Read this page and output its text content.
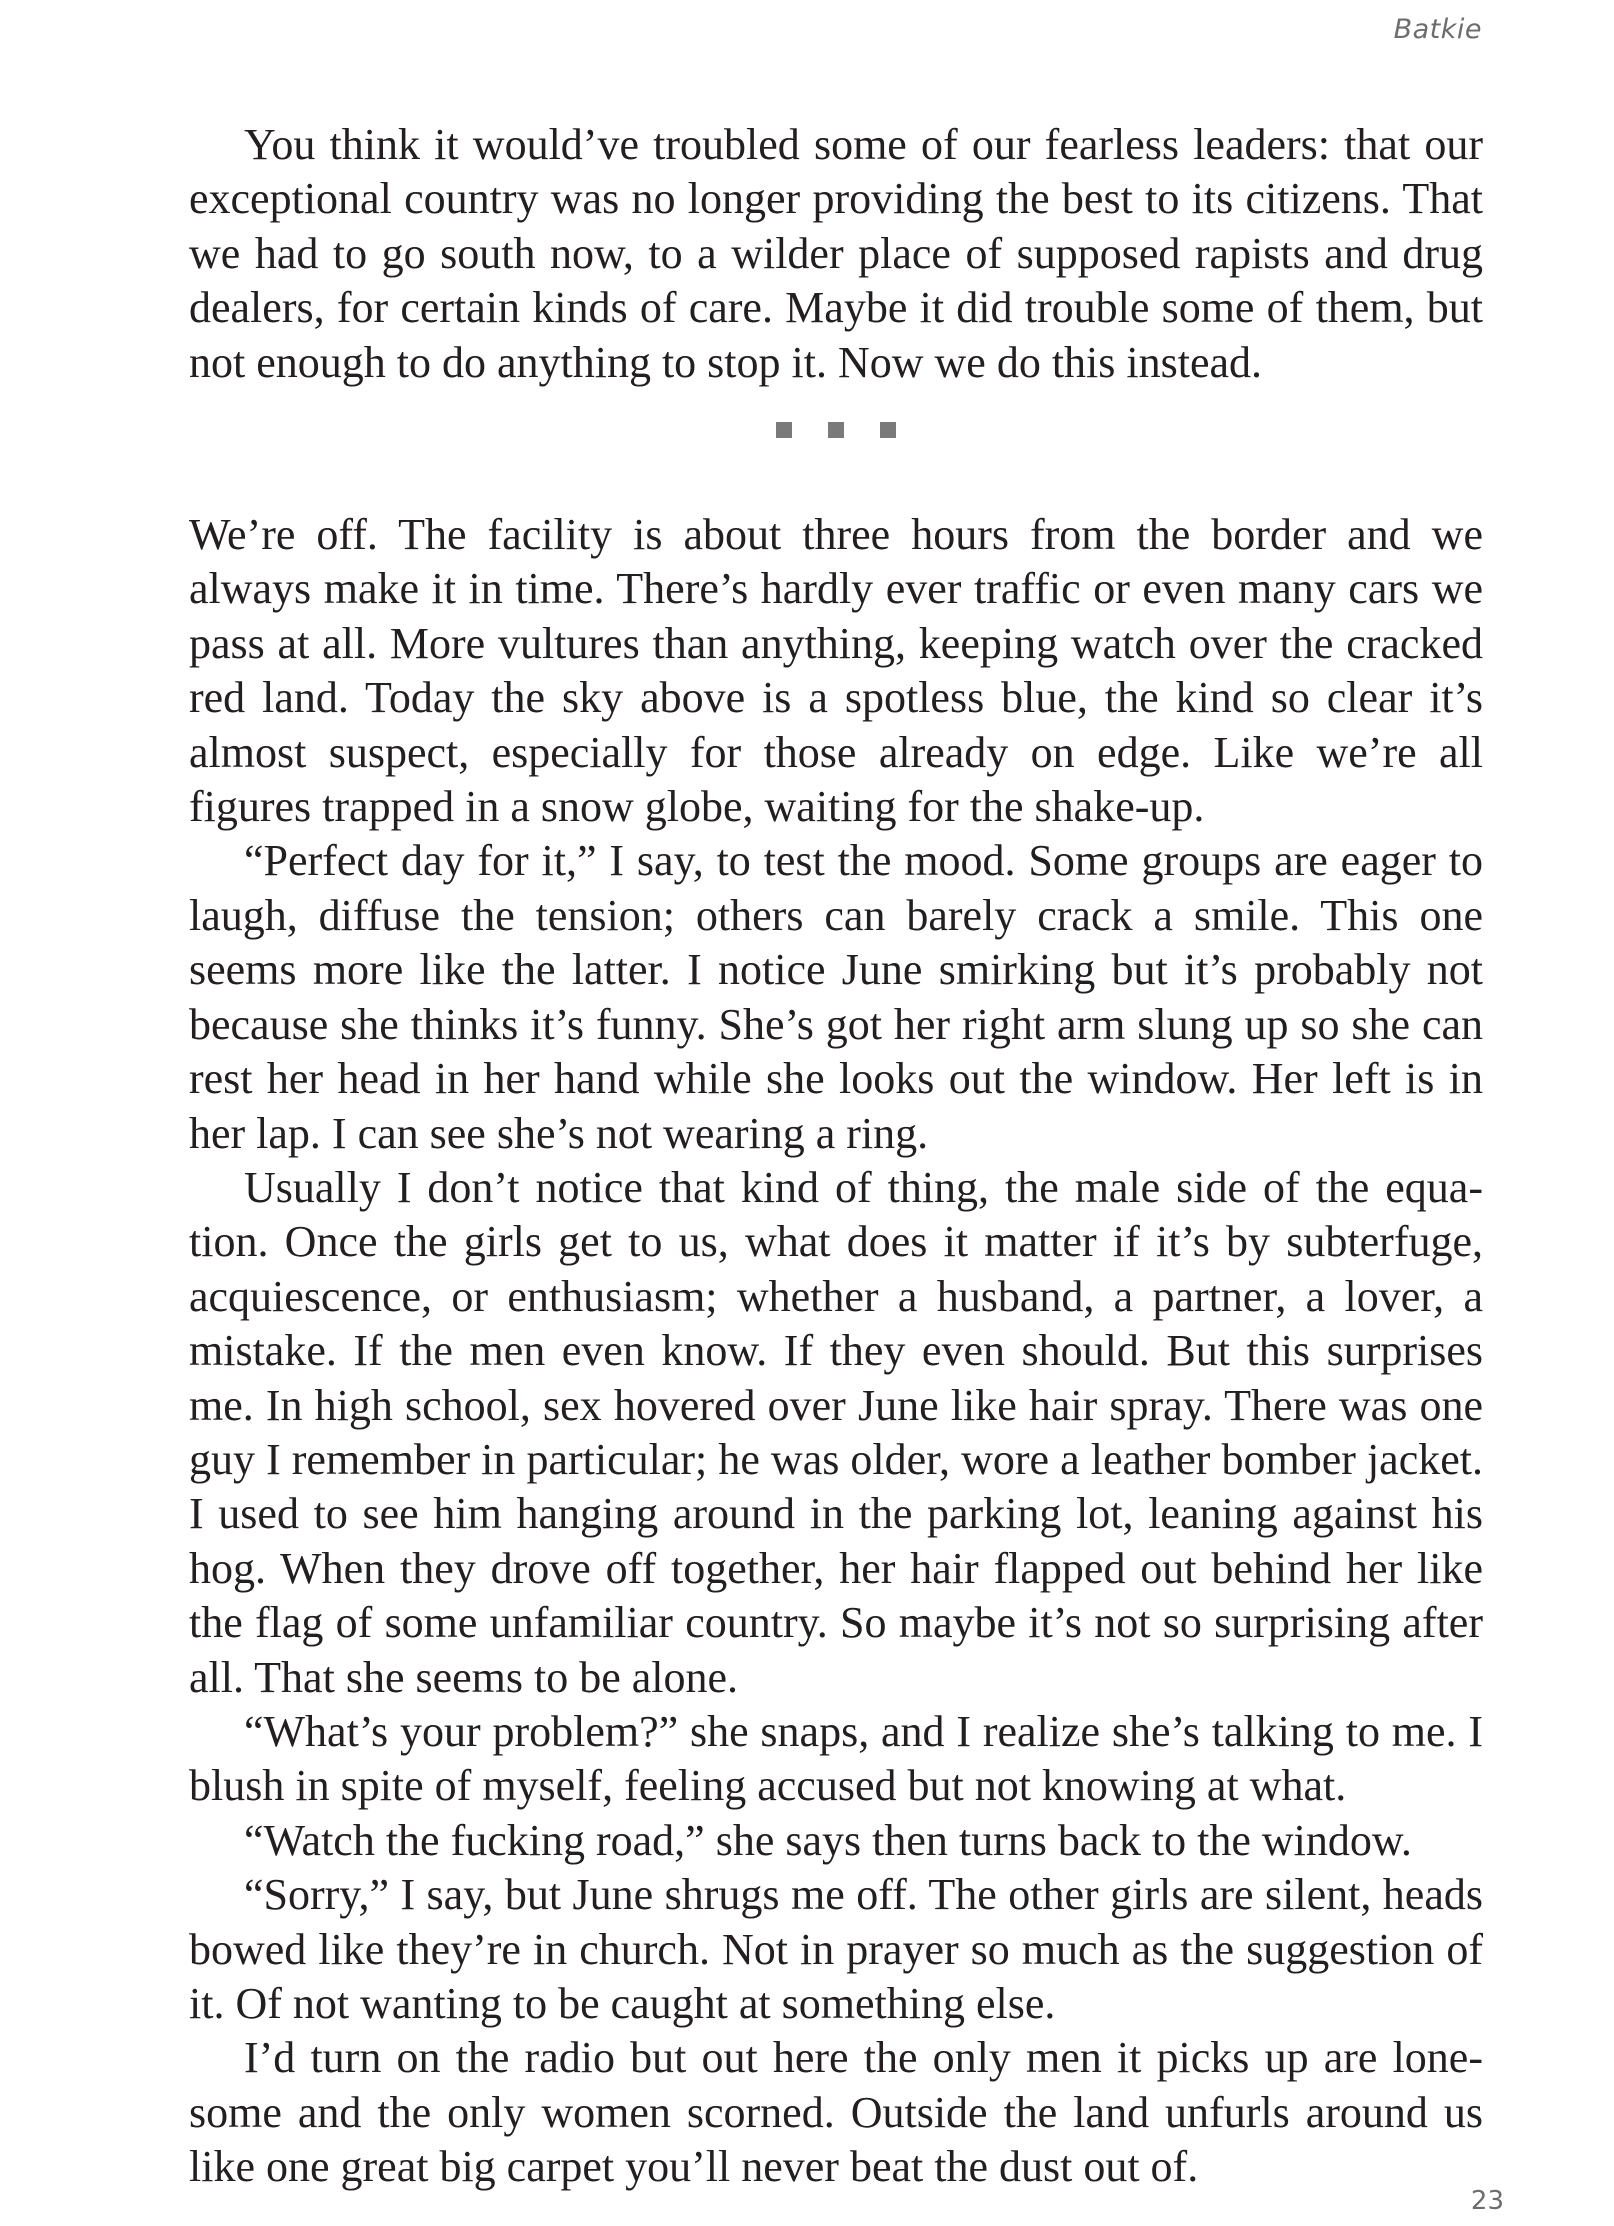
Batkie

You think it would’ve troubled some of our fearless leaders: that our exceptional country was no longer providing the best to its citizens. That we had to go south now, to a wilder place of supposed rapists and drug dealers, for certain kinds of care. Maybe it did trouble some of them, but not enough to do anything to stop it. Now we do this instead.

We’re off. The facility is about three hours from the border and we always make it in time. There’s hardly ever traffic or even many cars we pass at all. More vultures than anything, keeping watch over the cracked red land. Today the sky above is a spotless blue, the kind so clear it’s almost suspect, especially for those already on edge. Like we’re all figures trapped in a snow globe, waiting for the shake-up.

“Perfect day for it,” I say, to test the mood. Some groups are eager to laugh, diffuse the tension; others can barely crack a smile. This one seems more like the latter. I notice June smirking but it’s probably not because she thinks it’s funny. She’s got her right arm slung up so she can rest her head in her hand while she looks out the window. Her left is in her lap. I can see she’s not wearing a ring.

Usually I don’t notice that kind of thing, the male side of the equa-tion. Once the girls get to us, what does it matter if it’s by subterfuge, acquiescence, or enthusiasm; whether a husband, a partner, a lover, a mistake. If the men even know. If they even should. But this surprises me. In high school, sex hovered over June like hair spray. There was one guy I remember in particular; he was older, wore a leather bomber jacket. I used to see him hanging around in the parking lot, leaning against his hog. When they drove off together, her hair flapped out behind her like the flag of some unfamiliar country. So maybe it’s not so surprising after all. That she seems to be alone.

“What’s your problem?” she snaps, and I realize she’s talking to me. I blush in spite of myself, feeling accused but not knowing at what.

“Watch the fucking road,” she says then turns back to the window.

“Sorry,” I say, but June shrugs me off. The other girls are silent, heads bowed like they’re in church. Not in prayer so much as the suggestion of it. Of not wanting to be caught at something else.

I’d turn on the radio but out here the only men it picks up are lone-some and the only women scorned. Outside the land unfurls around us like one great big carpet you’ll never beat the dust out of.

23
